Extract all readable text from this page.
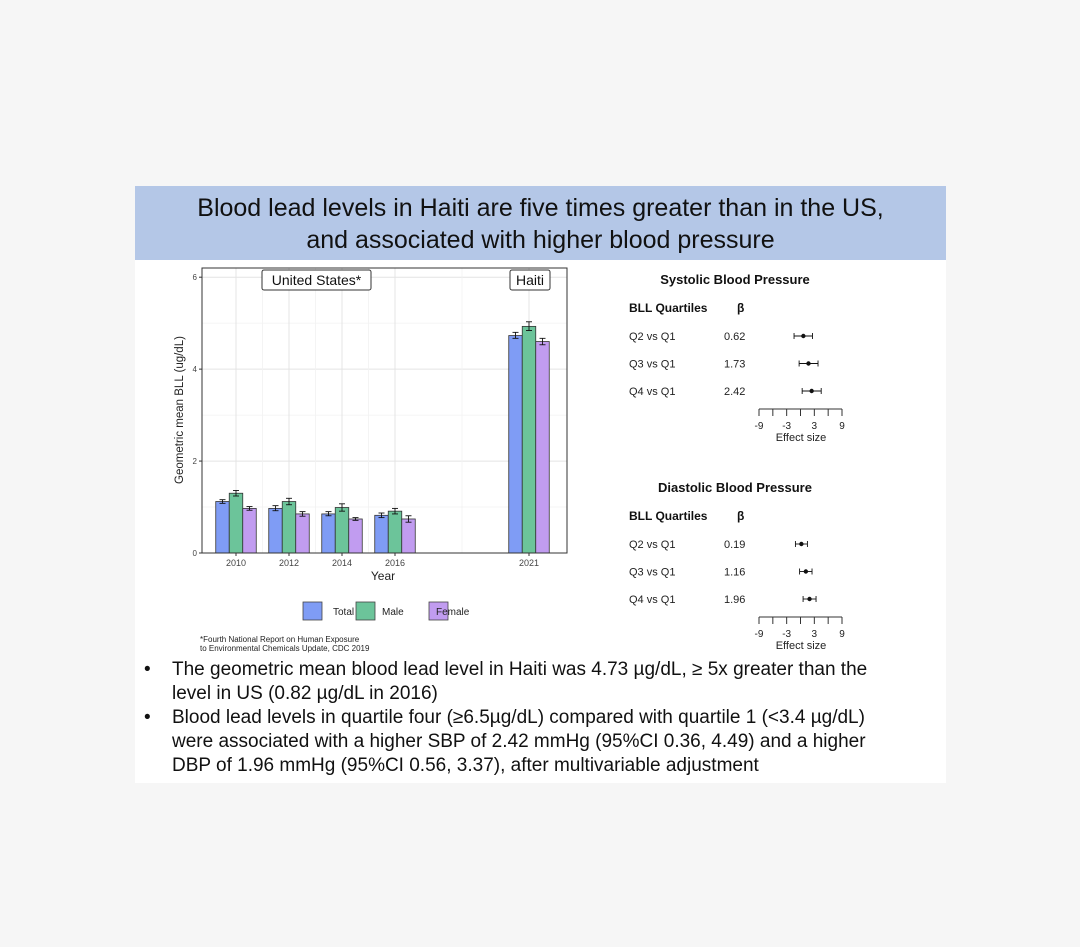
Blood lead levels in Haiti are five times greater than in the US,
and associated with higher blood pressure
0
2
4
6
2010	2012	2014	2016	2021
Year
Geometric mean BLL (ug/dL)
United States*	Haiti
Total	Male	Female
*Fourth National Report on Human Exposure
to Environmental Chemicals Update, CDC 2019
Systolic Blood Pressure
BLL Quartiles β
Q2 vs Q1	0.62
Q3 vs Q1	1.73
Q4 vs Q1	2.42
-9 -3 3 9
Effect size
Diastolic Blood Pressure
BLL Quartiles β
Q2 vs Q1	0.19
Q3 vs Q1	1.16
Q4 vs Q1	1.96
-9 -3 3 9
Effect size
• The geometric mean blood lead level in Haiti was 4.73 µg/dL, ≥ 5x greater than the
level in US (0.82 µg/dL in 2016)
• Blood lead levels in quartile four (≥6.5µg/dL) compared with quartile 1 (<3.4 µg/dL)
were associated with a higher SBP of 2.42 mmHg (95%CI 0.36, 4.49) and a higher
DBP of 1.96 mmHg (95%CI 0.56, 3.37), after multivariable adjustment
